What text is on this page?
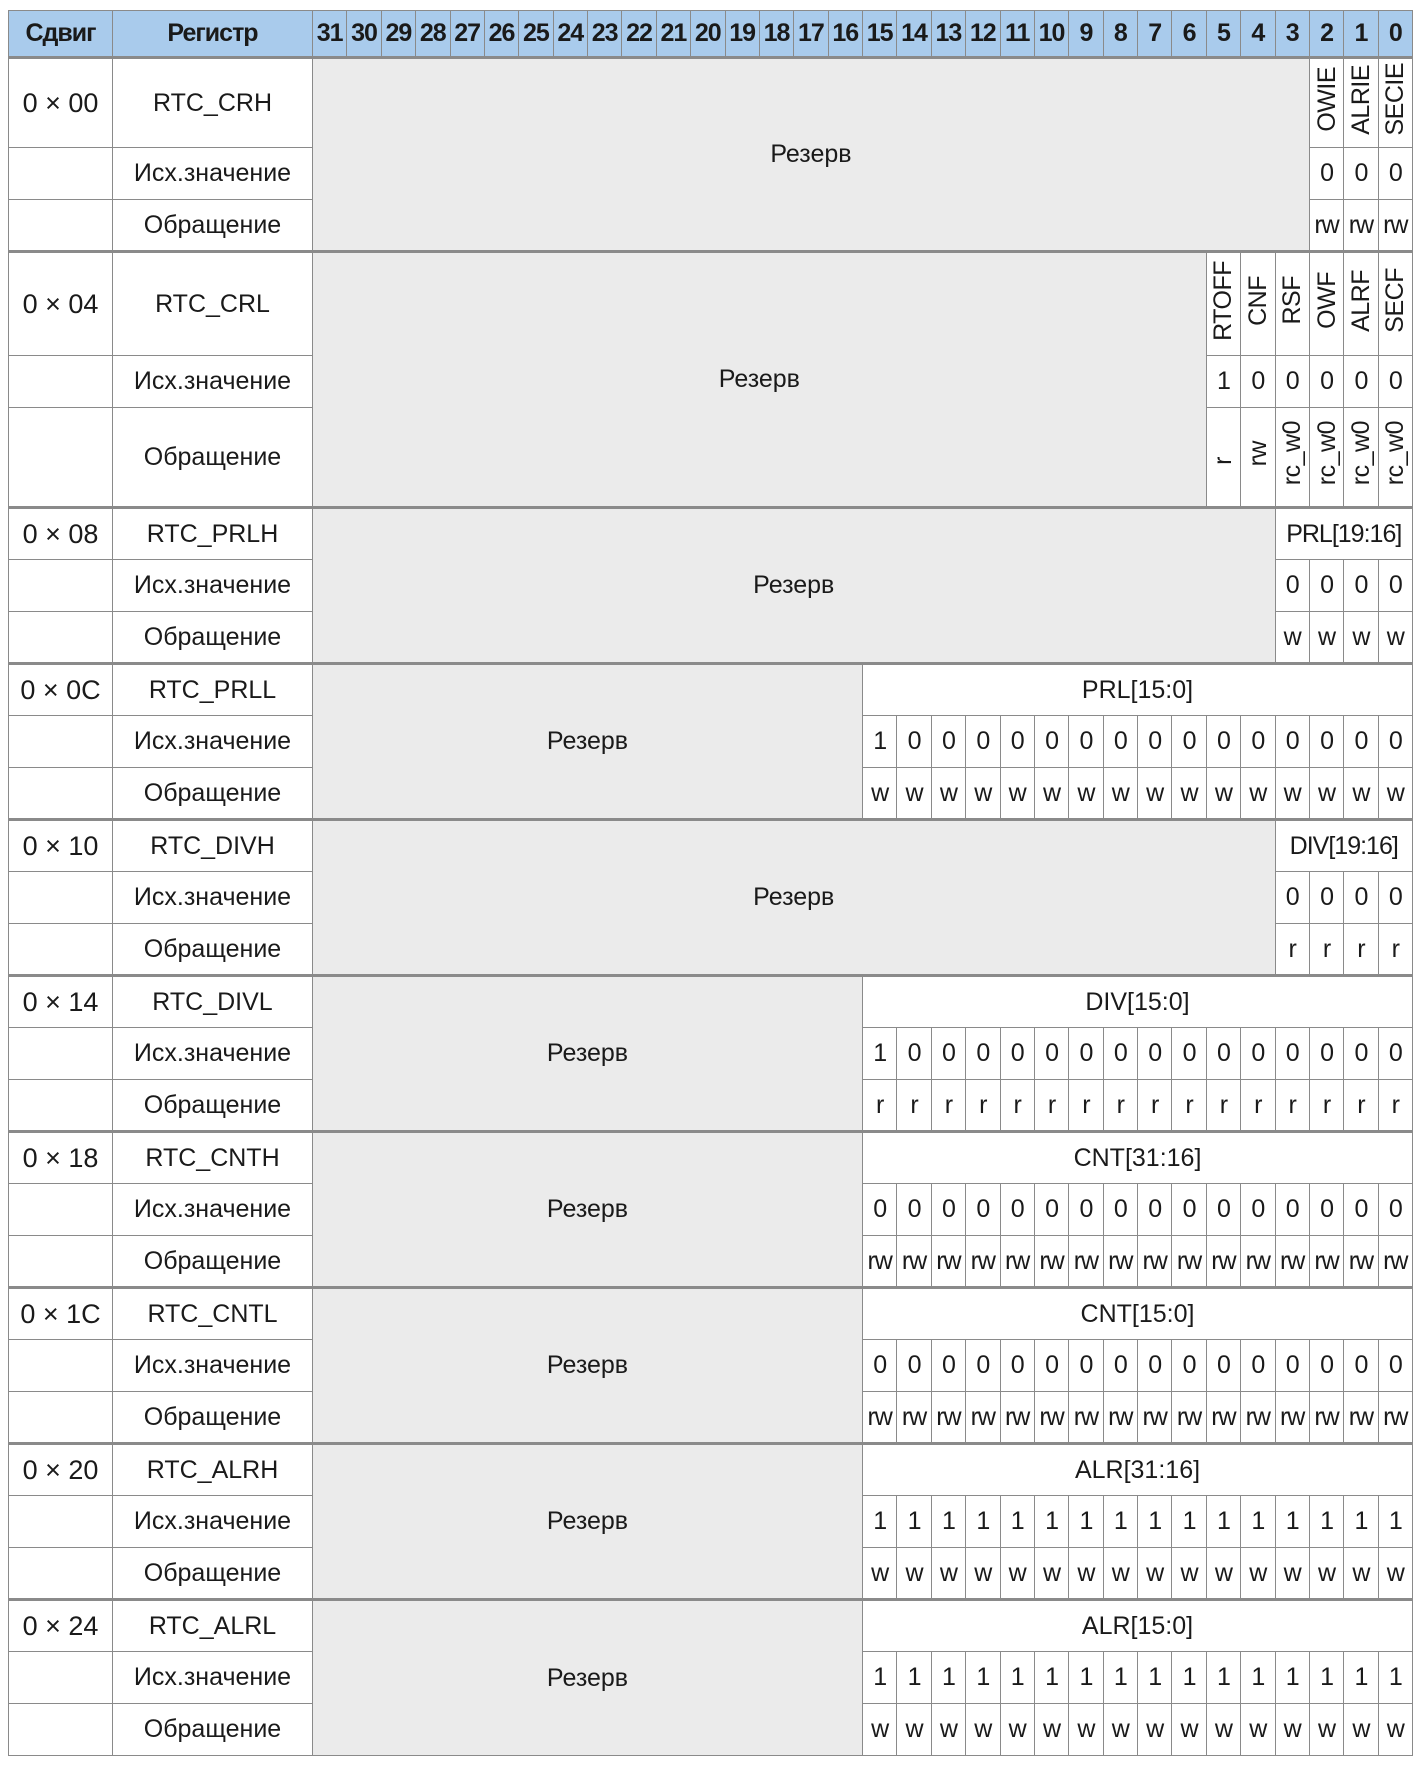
Сдвиг	Регистр	31	30	29	28	27	26	25	24	23	22	21	20	19	18	17	16	15	14	13	12	11	10	9	8	7	6	5	4	3	2	1	0
0 × 00	RTC_CRH	Резерв																													OWIE	ALRIE	SECIE
	Исх.значение																														0	0	0
	Обращение																														rw	rw	rw
0 × 04	RTC_CRL	Резерв																										RTOFF	CNF	RSF	OWF	ALRF	SECF
	Исх.значение																											1	0	0	0	0	0
	Обращение																											r	rw	rc_w0	rc_w0	rc_w0	rc_w0
0 × 08	RTC_PRLH	Резерв																												PRL[19:16]			
	Исх.значение																													0	0	0	0
	Обращение																													w	w	w	w
0 × 0C	RTC_PRLL	Резерв																PRL[15:0]															
	Исх.значение																	1	0	0	0	0	0	0	0	0	0	0	0	0	0	0	0
	Обращение																	w	w	w	w	w	w	w	w	w	w	w	w	w	w	w	w
0 × 10	RTC_DIVH	Резерв																												DIV[19:16]			
	Исх.значение																													0	0	0	0
	Обращение																													r	r	r	r
0 × 14	RTC_DIVL	Резерв																DIV[15:0]															
	Исх.значение																	1	0	0	0	0	0	0	0	0	0	0	0	0	0	0	0
	Обращение																	r	r	r	r	r	r	r	r	r	r	r	r	r	r	r	r
0 × 18	RTC_CNTH	Резерв																CNT[31:16]															
	Исх.значение																	0	0	0	0	0	0	0	0	0	0	0	0	0	0	0	0
	Обращение																	rw	rw	rw	rw	rw	rw	rw	rw	rw	rw	rw	rw	rw	rw	rw	rw
0 × 1C	RTC_CNTL	Резерв																CNT[15:0]															
	Исх.значение																	0	0	0	0	0	0	0	0	0	0	0	0	0	0	0	0
	Обращение																	rw	rw	rw	rw	rw	rw	rw	rw	rw	rw	rw	rw	rw	rw	rw	rw
0 × 20	RTC_ALRH	Резерв																ALR[31:16]															
	Исх.значение																	1	1	1	1	1	1	1	1	1	1	1	1	1	1	1	1
	Обращение																	w	w	w	w	w	w	w	w	w	w	w	w	w	w	w	w
0 × 24	RTC_ALRL	Резерв																ALR[15:0]															
	Исх.значение																	1	1	1	1	1	1	1	1	1	1	1	1	1	1	1	1
	Обращение																	w	w	w	w	w	w	w	w	w	w	w	w	w	w	w	w
